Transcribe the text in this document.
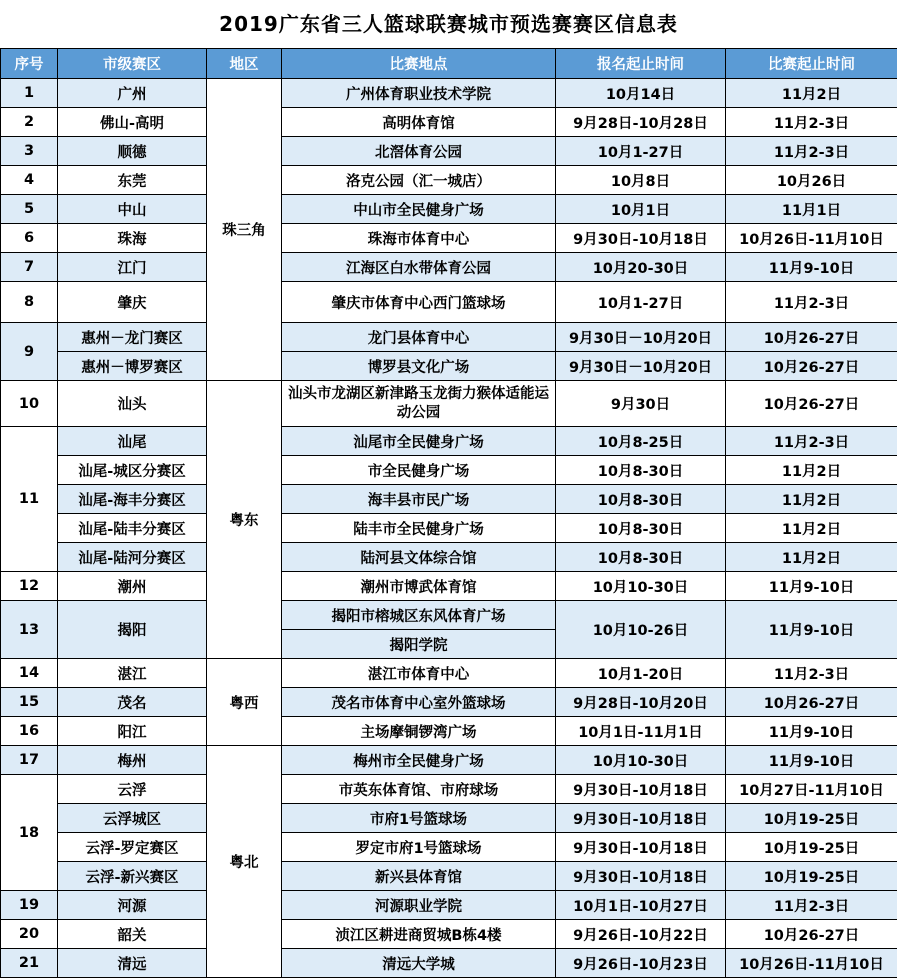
2019广东省三人篮球联赛城市预选赛赛区信息表
序号	市级赛区	地区	比赛地点	报名起止时间	比赛起止时间
1	广州	珠三角	广州体育职业技术学院	10月14日	11月2日
2	佛山-高明		高明体育馆	9月28日-10月28日	11月2-3日
3	顺德		北滘体育公园	10月1-27日	11月2-3日
4	东莞		洛克公园（汇一城店）	10月8日	10月26日
5	中山		中山市全民健身广场	10月1日	11月1日
6	珠海		珠海市体育中心	9月30日-10月18日	10月26日-11月10日
7	江门		江海区白水带体育公园	10月20-30日	11月9-10日
8	肇庆		肇庆市体育中心西门篮球场	10月1-27日	11月2-3日
9	惠州－龙门赛区		龙门县体育中心	9月30日－10月20日	10月26-27日
	惠州－博罗赛区		博罗县文化广场	9月30日－10月20日	10月26-27日
10	汕头	粤东	汕头市龙湖区新津路玉龙街力猴体适能运动公园	9月30日	10月26-27日
11	汕尾		汕尾市全民健身广场	10月8-25日	11月2-3日
	汕尾-城区分赛区		市全民健身广场	10月8-30日	11月2日
	汕尾-海丰分赛区		海丰县市民广场	10月8-30日	11月2日
	汕尾-陆丰分赛区		陆丰市全民健身广场	10月8-30日	11月2日
	汕尾-陆河分赛区		陆河县文体综合馆	10月8-30日	11月2日
12	潮州		潮州市博武体育馆	10月10-30日	11月9-10日
13	揭阳		揭阳市榕城区东风体育广场	10月10-26日	11月9-10日
			揭阳学院		
14	湛江	粤西	湛江市体育中心	10月1-20日	11月2-3日
15	茂名		茂名市体育中心室外篮球场	9月28日-10月20日	10月26-27日
16	阳江		主场摩铜锣湾广场	10月1日-11月1日	11月9-10日
17	梅州	粤北	梅州市全民健身广场	10月10-30日	11月9-10日
18	云浮		市英东体育馆、市府球场	9月30日-10月18日	10月27日-11月10日
	云浮城区		市府1号篮球场	9月30日-10月18日	10月19-25日
	云浮-罗定赛区		罗定市府1号篮球场	9月30日-10月18日	10月19-25日
	云浮-新兴赛区		新兴县体育馆	9月30日-10月18日	10月19-25日
19	河源		河源职业学院	10月1日-10月27日	11月2-3日
20	韶关		浈江区耕进商贸城B栋4楼	9月26日-10月22日	10月26-27日
21	清远		清远大学城	9月26日-10月23日	10月26日-11月10日
